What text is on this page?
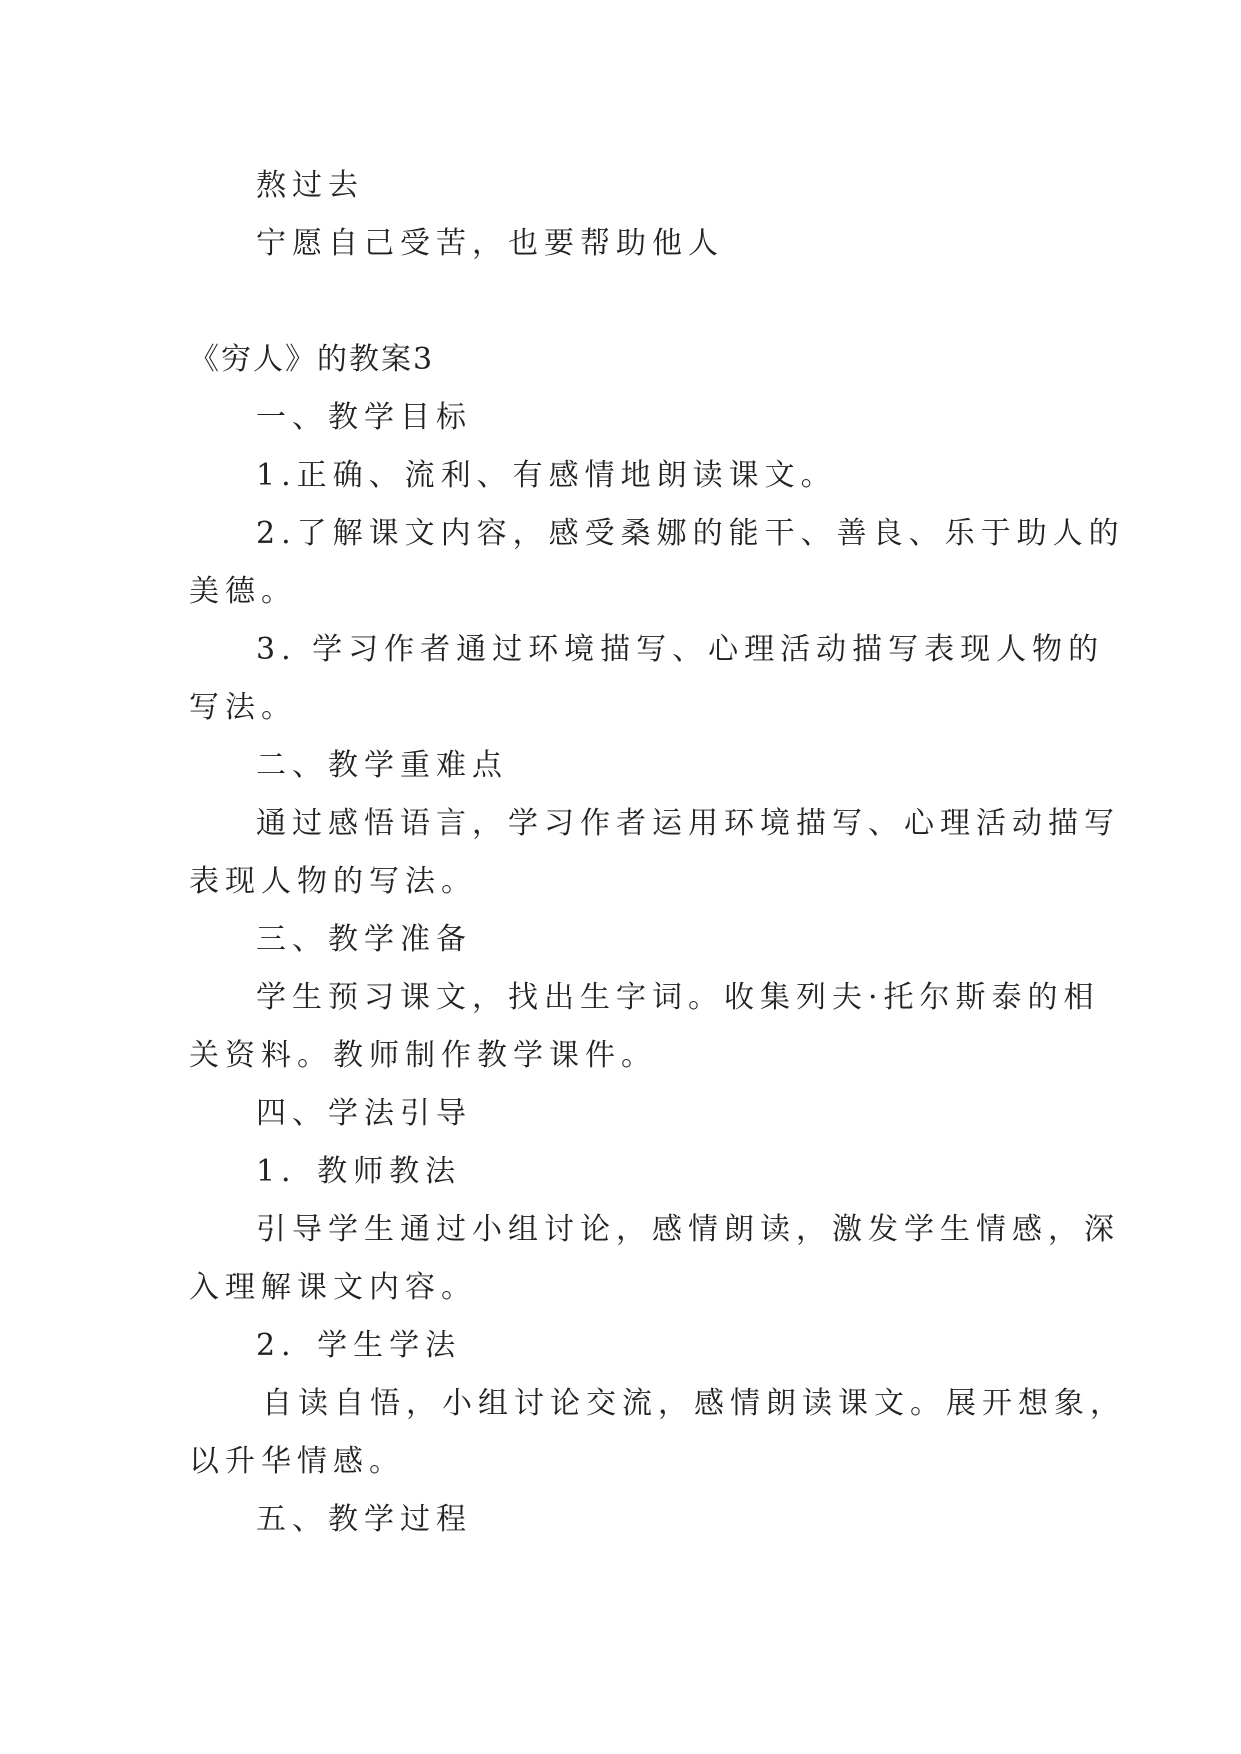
熬过去
宁愿自己受苦，也要帮助他人
《穷人》的教案3
一、教学目标
1.正确、流利、有感情地朗读课文。
2.了解课文内容，感受桑娜的能干、善良、乐于助人的
美德。
3. 学习作者通过环境描写、心理活动描写表现人物的
写法。
二、教学重难点
通过感悟语言，学习作者运用环境描写、心理活动描写
表现人物的写法。
三、教学准备
学生预习课文，找出生字词。收集列夫·托尔斯泰的相
关资料。教师制作教学课件。
四、学法引导
1．教师教法
引导学生通过小组讨论，感情朗读，激发学生情感，深
入理解课文内容。
2．学生学法
自读自悟，小组讨论交流，感情朗读课文。展开想象，
以升华情感。
五、教学过程
